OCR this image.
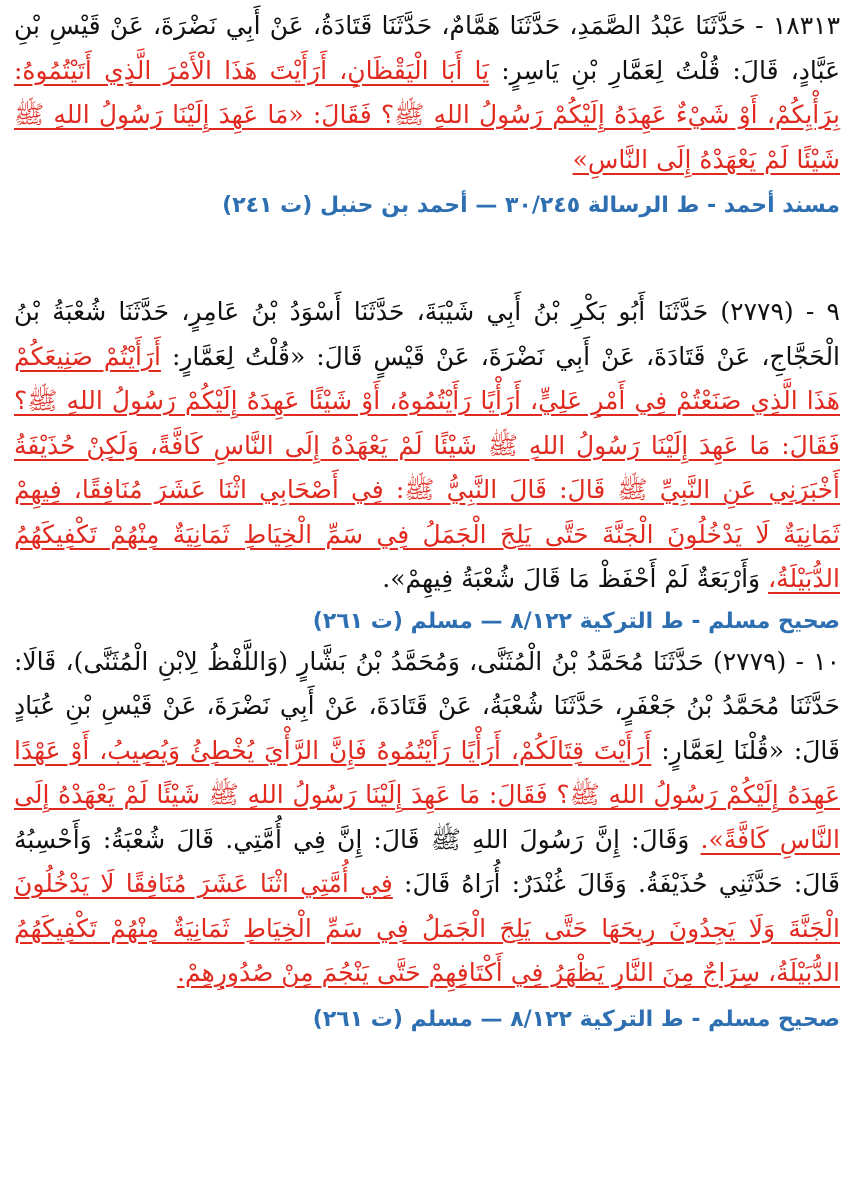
١٨٣١٣ - حَدَّثَنَا عَبْدُ الصَّمَدِ، حَدَّثَنَا هَمَّامٌ، حَدَّثَنَا قَتَادَةُ، عَنْ أَبِي نَضْرَةَ، عَنْ قَيْسِ بْنِ عَبَّادٍ، قَالَ: قُلْتُ لِعَمَّارِ بْنِ يَاسِرٍ: يَا أَبَا الْيَقْظَانِ، أَرَأَيْتَ هَذَا الْأَمْرَ الَّذِي أَتَيْتُمُوهُ: بِرَأْيِكُمْ، أَوْ شَيْءٌ عَهِدَهُ إِلَيْكُمْ رَسُولُ اللهِ ﷺ؟ فَقَالَ: «مَا عَهِدَ إِلَيْنَا رَسُولُ اللهِ ﷺ شَيْئًا لَمْ يَعْهَدْهُ إِلَى النَّاسِ»

مسند أحمد - ط الرسالة ٣٠/٢٤٥ — أحمد بن حنبل (ت ٢٤١)

٩ - (٢٧٧٩) حَدَّثَنَا أَبُو بَكْرِ بْنُ أَبِي شَيْبَةَ، حَدَّثَنَا أَسْوَدُ بْنُ عَامِرٍ، حَدَّثَنَا شُعْبَةُ بْنُ الْحَجَّاجِ، عَنْ قَتَادَةَ، عَنْ أَبِي نَضْرَةَ، عَنْ قَيْسٍ قَالَ: «قُلْتُ لِعَمَّارٍ: أَرَأَيْتُمْ صَنِيعَكُمْ هَذَا الَّذِي صَنَعْتُمْ فِي أَمْرِ عَلِيٍّ، أَرَأْيًا رَأَيْتُمُوهُ، أَوْ شَيْئًا عَهِدَهُ إِلَيْكُمْ رَسُولُ اللهِ ﷺ؟ فَقَالَ: مَا عَهِدَ إِلَيْنَا رَسُولُ اللهِ ﷺ شَيْئًا لَمْ يَعْهَدْهُ إِلَى النَّاسِ كَافَّةً، وَلَكِنْ حُذَيْفَةُ أَخْبَرَنِي عَنِ النَّبِيِّ ﷺ قَالَ: قَالَ النَّبِيُّ ﷺ: فِي أَصْحَابِي اثْنَا عَشَرَ مُنَافِقًا، فِيهِمْ ثَمَانِيَةٌ لَا يَدْخُلُونَ الْجَنَّةَ حَتَّى يَلِجَ الْجَمَلُ فِي سَمِّ الْخِيَاطِ ثَمَانِيَةٌ مِنْهُمْ تَكْفِيكَهُمُ الدُّبَيْلَةُ، وَأَرْبَعَةٌ لَمْ أَحْفَظْ مَا قَالَ شُعْبَةُ فِيهِمْ».

صحيح مسلم - ط التركية ٨/١٢٢ — مسلم (ت ٢٦١)

١٠ - (٢٧٧٩) حَدَّثَنَا مُحَمَّدُ بْنُ الْمُثَنَّى، وَمُحَمَّدُ بْنُ بَشَّارٍ (وَاللَّفْظُ لِابْنِ الْمُثَنَّى)، قَالَا: حَدَّثَنَا مُحَمَّدُ بْنُ جَعْفَرٍ، حَدَّثَنَا شُعْبَةُ، عَنْ قَتَادَةَ، عَنْ أَبِي نَضْرَةَ، عَنْ قَيْسِ بْنِ عُبَادٍ قَالَ: «قُلْنَا لِعَمَّارٍ: أَرَأَيْتَ قِتَالَكُمْ، أَرَأْيًا رَأَيْتُمُوهُ فَإِنَّ الرَّأْيَ يُخْطِئُ وَيُصِيبُ، أَوْ عَهْدًا عَهِدَهُ إِلَيْكُمْ رَسُولُ اللهِ ﷺ؟ فَقَالَ: مَا عَهِدَ إِلَيْنَا رَسُولُ اللهِ ﷺ شَيْئًا لَمْ يَعْهَدْهُ إِلَى النَّاسِ كَافَّةً». وَقَالَ: إِنَّ رَسُولَ اللهِ ﷺ قَالَ: إِنَّ فِي أُمَّتِي. قَالَ شُعْبَةُ: وَأَحْسِبُهُ قَالَ: حَدَّثَنِي حُذَيْفَةُ. وَقَالَ غُنْدَرٌ: أُرَاهُ قَالَ: فِي أُمَّتِي اثْنَا عَشَرَ مُنَافِقًا لَا يَدْخُلُونَ الْجَنَّةَ وَلَا يَجِدُونَ رِيحَهَا حَتَّى يَلِجَ الْجَمَلُ فِي سَمِّ الْخِيَاطِ ثَمَانِيَةٌ مِنْهُمْ تَكْفِيكَهُمُ الدُّبَيْلَةُ، سِرَاجٌ مِنَ النَّارِ يَظْهَرُ فِي أَكْتَافِهِمْ حَتَّى يَنْجُمَ مِنْ صُدُورِهِمْ.

صحيح مسلم - ط التركية ٨/١٢٢ — مسلم (ت ٢٦١)
